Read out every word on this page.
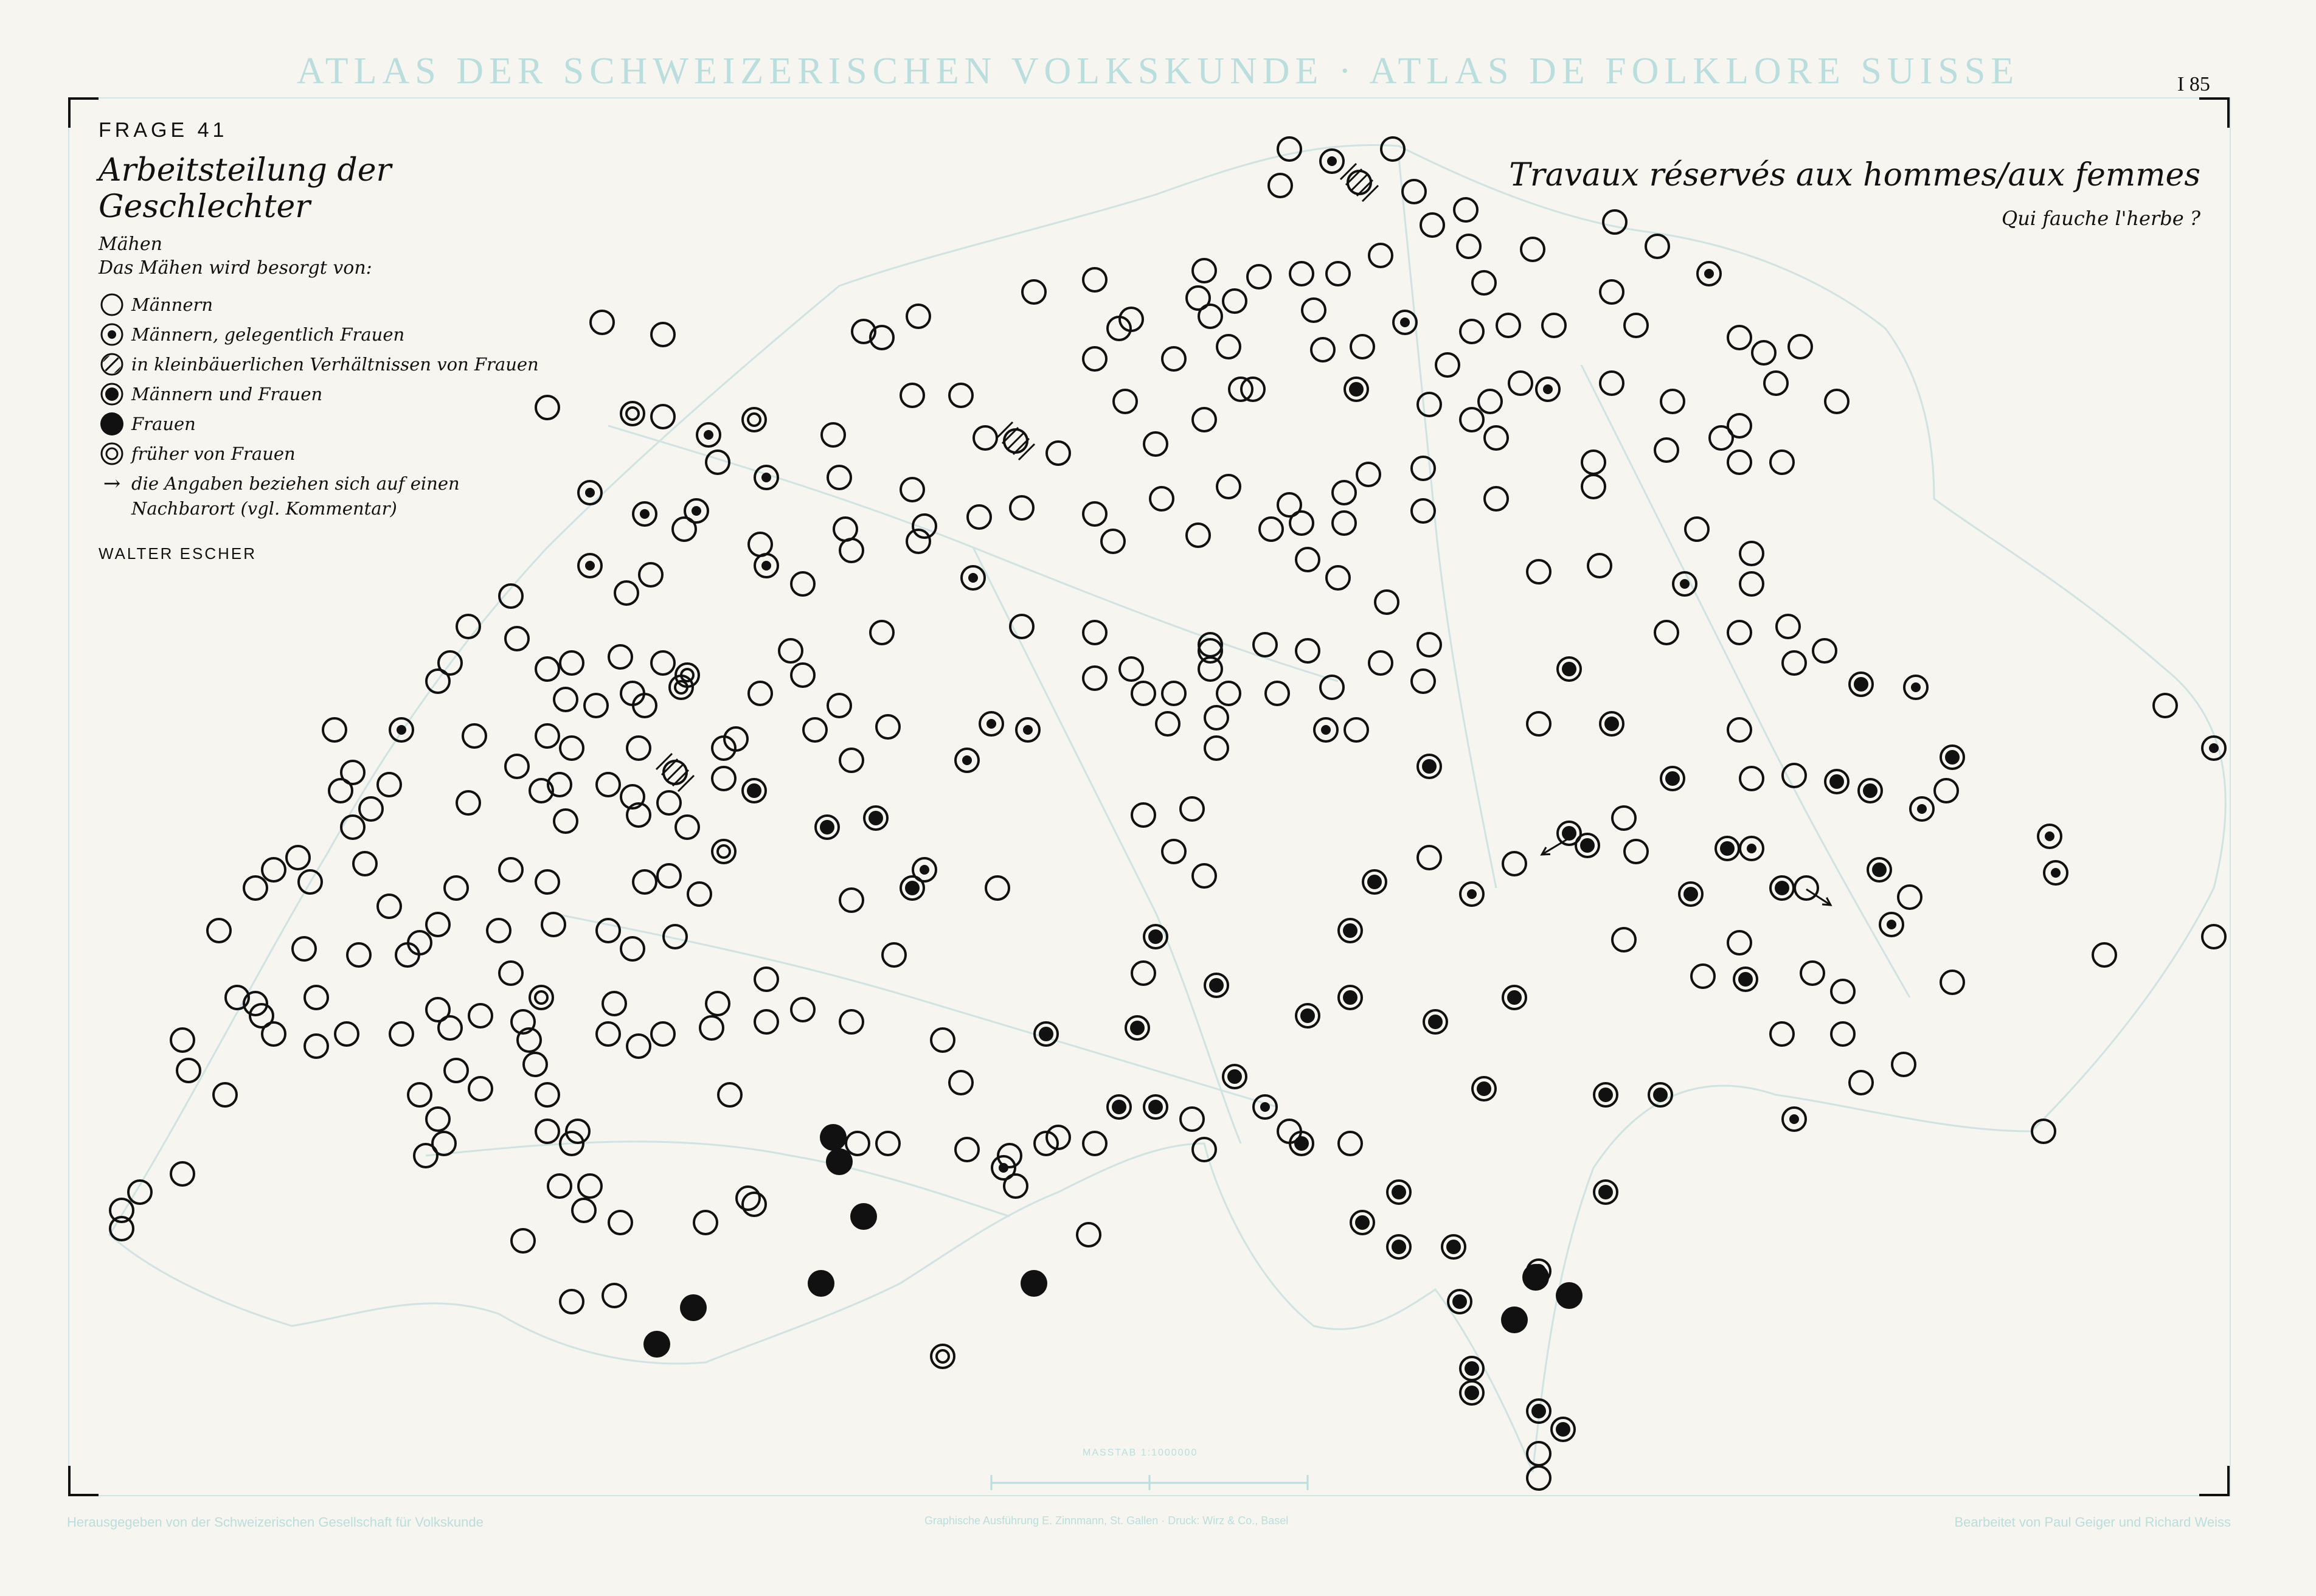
ATLAS DER SCHWEIZERISCHEN VOLKSKUNDE · ATLAS DE FOLKLORE SUISSE	I 85
FRAGE 41
Arbeitsteilung der Geschlechter
Mähen
Das Mähen wird besorgt von:
Männern
Männern, gelegentlich Frauen
in kleinbäuerlichen Verhältnissen von Frauen
Männern und Frauen
Frauen
früher von Frauen
→ die Angaben beziehen sich auf einen
Nachbarort (vgl. Kommentar)
WALTER ESCHER
Travaux réservés aux hommes/aux femmes
Qui fauche l'herbe ?
MASSTAB 1:1000000
Herausgegeben von der Schweizerischen Gesellschaft für Volkskunde	Graphische Ausführung E. Zinnmann, St. Gallen · Druck: Wirz & Co., Basel	Bearbeitet von Paul Geiger und Richard Weiss
